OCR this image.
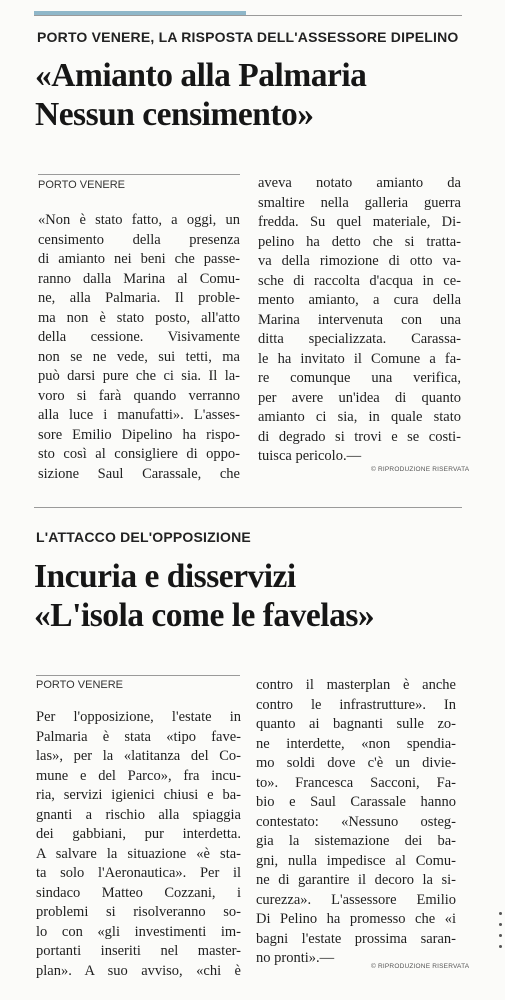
PORTO VENERE, LA RISPOSTA DELL'ASSESSORE DIPELINO
«Amianto alla Palmaria
Nessun censimento»
PORTO VENERE
«Non è stato fatto, a oggi, un
censimento della presenza
di amianto nei beni che passe-
ranno dalla Marina al Comu-
ne, alla Palmaria. Il proble-
ma non è stato posto, all'atto
della cessione. Visivamente
non se ne vede, sui tetti, ma
può darsi pure che ci sia. Il la-
voro si farà quando verranno
alla luce i manufatti». L'asses-
sore Emilio Dipelino ha rispo-
sto così al consigliere di oppo-
sizione Saul Carassale, che
aveva notato amianto da
smaltire nella galleria guerra
fredda. Su quel materiale, Di-
pelino ha detto che si tratta-
va della rimozione di otto va-
sche di raccolta d'acqua in ce-
mento amianto, a cura della
Marina intervenuta con una
ditta specializzata. Carassa-
le ha invitato il Comune a fa-
re comunque una verifica,
per avere un'idea di quanto
amianto ci sia, in quale stato
di degrado si trovi e se costi-
tuisca pericolo.—
© RIPRODUZIONE RISERVATA
L'ATTACCO DEL'OPPOSIZIONE
Incuria e disservizi
«L'isola come le favelas»
PORTO VENERE
Per l'opposizione, l'estate in
Palmaria è stata «tipo fave-
las», per la «latitanza del Co-
mune e del Parco», fra incu-
ria, servizi igienici chiusi e ba-
gnanti a rischio alla spiaggia
dei gabbiani, pur interdetta.
A salvare la situazione «è sta-
ta solo l'Aeronautica». Per il
sindaco Matteo Cozzani, i
problemi si risolveranno so-
lo con «gli investimenti im-
portanti inseriti nel master-
plan». A suo avviso, «chi è
contro il masterplan è anche
contro le infrastrutture». In
quanto ai bagnanti sulle zo-
ne interdette, «non spendia-
mo soldi dove c'è un divie-
to». Francesca Sacconi, Fa-
bio e Saul Carassale hanno
contestato: «Nessuno osteg-
gia la sistemazione dei ba-
gni, nulla impedisce al Comu-
ne di garantire il decoro la si-
curezza». L'assessore Emilio
Di Pelino ha promesso che «i
bagni l'estate prossima saran-
no pronti».—
© RIPRODUZIONE RISERVATA
